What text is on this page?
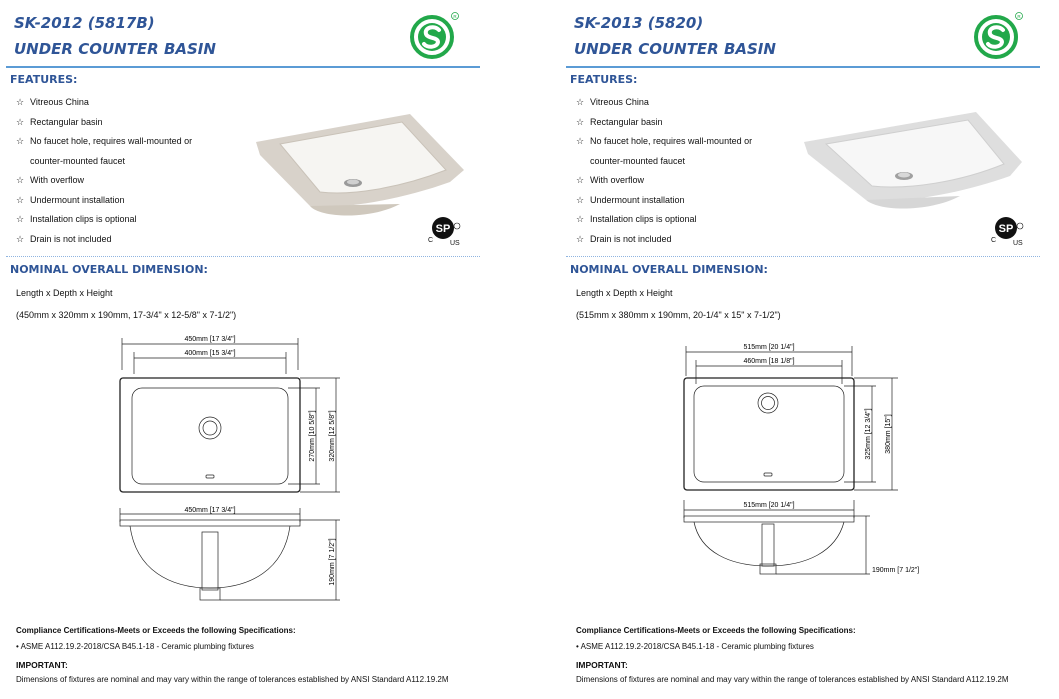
SK-2012 (5817B)
UNDER COUNTER BASIN
R
FEATURES:
☆ Vitreous China
☆ Rectangular basin
☆ No faucet hole, requires wall-mounted or
counter-mounted faucet
☆ With overflow
☆ Undermount installation
☆ Installation clips is optional
☆ Drain is not included
SP
C US
NOMINAL OVERALL DIMENSION:
Length x Depth x Height
(450mm x 320mm x 190mm, 17-3/4" x 12-5/8" x 7-1/2")
450mm [17 3/4"]
400mm [15 3/4"]
270mm [10 5/8"] 320mm [12 5/8"]
450mm [17 3/4"]
190mm [7 1/2"]
Compliance Certifications-Meets or Exceeds the following Specifications:
• ASME A112.19.2-2018/CSA B45.1-18 - Ceramic plumbing fixtures
IMPORTANT:
Dimensions of fixtures are nominal and may vary within the range of tolerances established by ANSI Standard A112.19.2M
SK-2013 (5820)
UNDER COUNTER BASIN
R
FEATURES:
☆ Vitreous China
☆ Rectangular basin
☆ No faucet hole, requires wall-mounted or
counter-mounted faucet
☆ With overflow
☆ Undermount installation
☆ Installation clips is optional
☆ Drain is not included
SP
C US
NOMINAL OVERALL DIMENSION:
Length x Depth x Height
(515mm x 380mm x 190mm, 20-1/4" x 15" x 7-1/2")
515mm [20 1/4"]
460mm [18 1/8"]
325mm [12 3/4"] 380mm [15"]
515mm [20 1/4"]
190mm [7 1/2"]
Compliance Certifications-Meets or Exceeds the following Specifications:
• ASME A112.19.2-2018/CSA B45.1-18 - Ceramic plumbing fixtures
IMPORTANT:
Dimensions of fixtures are nominal and may vary within the range of tolerances established by ANSI Standard A112.19.2M
